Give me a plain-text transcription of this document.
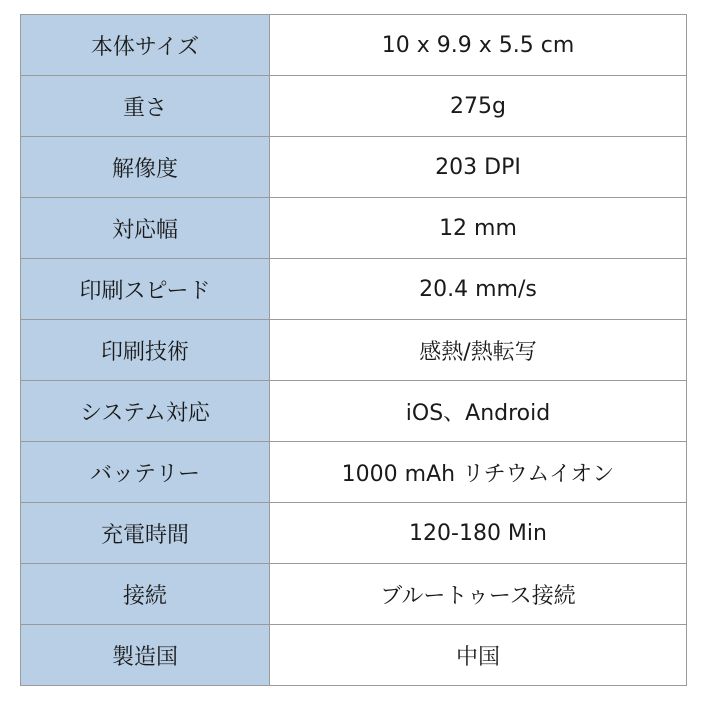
本体サイズ	10 x 9.9 x 5.5 cm
重さ	275g
解像度	203 DPI
対応幅	12 mm
印刷スピード	20.4 mm/s
印刷技術	感熱/熱転写
システム対応	iOS、Android
バッテリー	1000 mAh リチウムイオン
充電時間	120-180 Min
接続	ブルートゥース接続
製造国	中国
